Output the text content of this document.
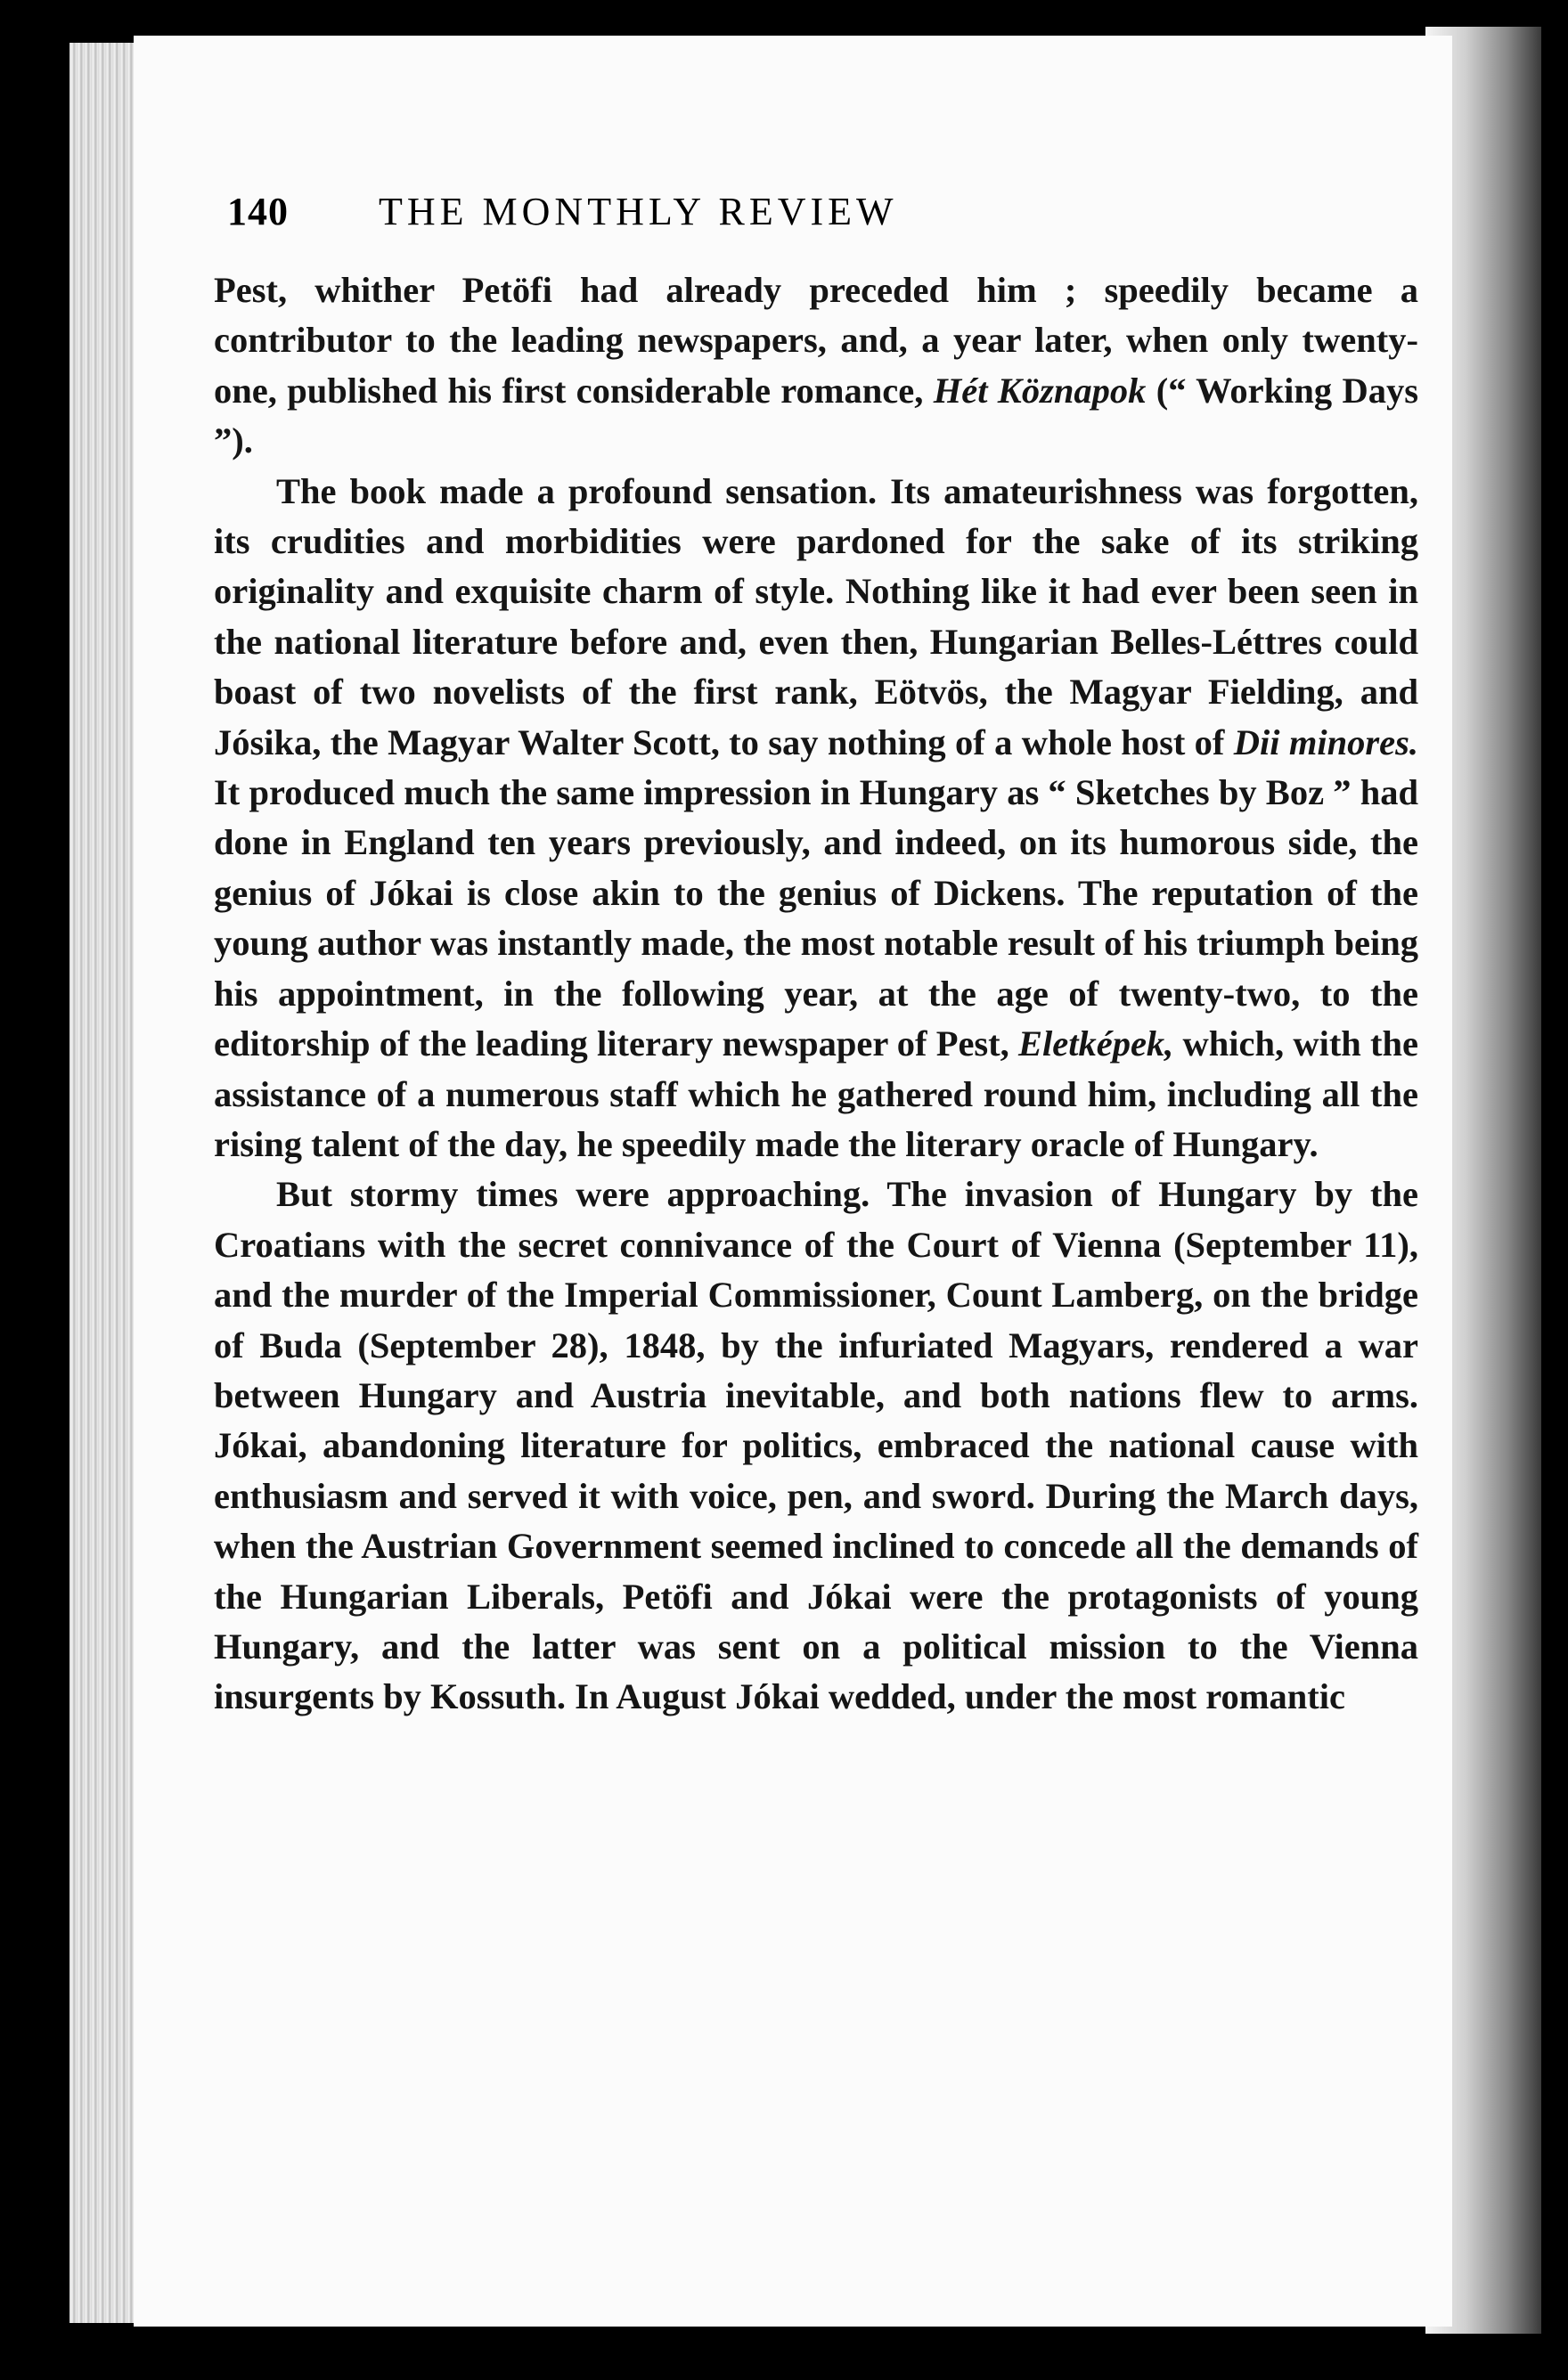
140 THE MONTHLY REVIEW

Pest, whither Petöfi had already preceded him ; speedily became a contributor to the leading newspapers, and, a year later, when only twenty-one, published his first considerable romance, Hét Köznapok (“ Working Days ”).

The book made a profound sensation. Its amateurishness was forgotten, its crudities and morbidities were pardoned for the sake of its striking originality and exquisite charm of style. Nothing like it had ever been seen in the national literature before and, even then, Hungarian Belles-Léttres could boast of two novelists of the first rank, Eötvös, the Magyar Fielding, and Jósika, the Magyar Walter Scott, to say nothing of a whole host of Dii minores. It produced much the same impression in Hungary as “ Sketches by Boz ” had done in England ten years previously, and indeed, on its humorous side, the genius of Jókai is close akin to the genius of Dickens. The reputation of the young author was instantly made, the most notable result of his triumph being his appointment, in the following year, at the age of twenty-two, to the editorship of the leading literary newspaper of Pest, Eletképek, which, with the assistance of a numerous staff which he gathered round him, including all the rising talent of the day, he speedily made the literary oracle of Hungary.

But stormy times were approaching. The invasion of Hungary by the Croatians with the secret connivance of the Court of Vienna (September 11), and the murder of the Imperial Commissioner, Count Lamberg, on the bridge of Buda (September 28), 1848, by the infuriated Magyars, rendered a war between Hungary and Austria inevitable, and both nations flew to arms. Jókai, abandoning literature for politics, embraced the national cause with enthusiasm and served it with voice, pen, and sword. During the March days, when the Austrian Government seemed inclined to concede all the demands of the Hungarian Liberals, Petöfi and Jókai were the protagonists of young Hungary, and the latter was sent on a political mission to the Vienna insurgents by Kossuth. In August Jókai wedded, under the most romantic
